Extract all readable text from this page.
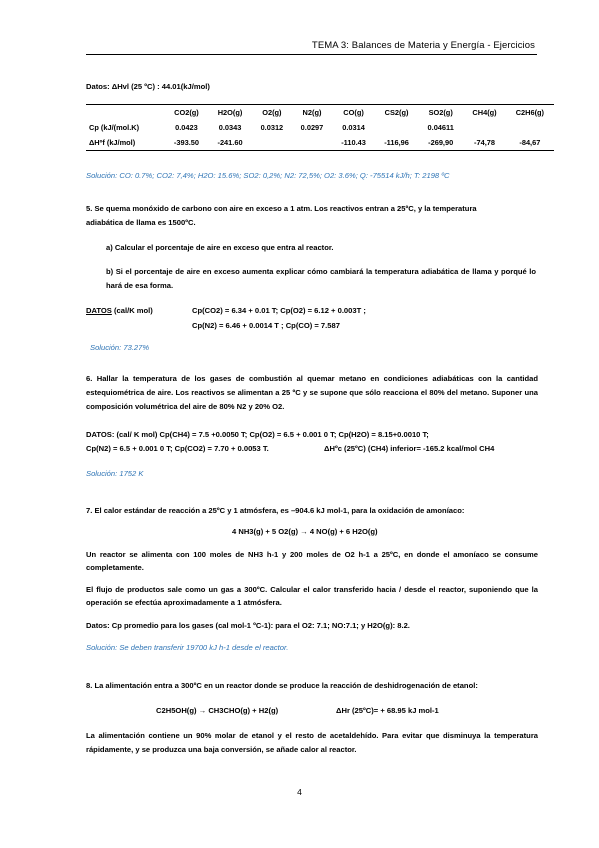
TEMA 3: Balances de Materia y Energía - Ejercicios
Datos: ΔHvl (25 ºC) : 44.01(kJ/mol)
	CO2(g)	H2O(g)	O2(g)	N2(g)	CO(g)	CS2(g)	SO2(g)	CH4(g)	C2H6(g)
Cp (kJ/(mol.K)	0.0423	0.0343	0.0312	0.0297	0.0314		0.04611		
ΔHºf (kJ/mol)	-393.50	-241.60			-110.43	-116,96	-269,90	-74,78	-84,67
Solución: CO: 0.7%; CO2: 7,4%; H2O: 15.6%; SO2: 0,2%; N2: 72,5%; O2: 3.6%; Q: -75514 kJ/h; T: 2198 ºC
5. Se quema monóxido de carbono con aire en exceso a 1 atm. Los reactivos entran a 25ºC, y la temperatura
adiabática de llama es 1500ºC.
a) Calcular el porcentaje de aire en exceso que entra al reactor.
b) Si el porcentaje de aire en exceso aumenta explicar cómo cambiará la temperatura adiabática de llama y porqué lo hará de esa forma.
DATOS (cal/K mol)	Cp(CO2) = 6.34 + 0.01 T; Cp(O2) = 6.12 + 0.003T ;
Cp(N2) = 6.46 + 0.0014 T ; Cp(CO) = 7.587
Solución: 73.27%
6. Hallar la temperatura de los gases de combustión al quemar metano en condiciones adiabáticas con la cantidad estequiométrica de aire. Los reactivos se alimentan a 25 ºC y se supone que sólo reacciona el 80% del metano. Suponer una composición volumétrica del aire de 80% N2 y 20% O2.
DATOS: (cal/ K mol) Cp(CH4) = 7.5 +0.0050 T; Cp(O2) = 6.5 + 0.001 0 T; Cp(H2O) = 8.15+0.0010 T;
Cp(N2) = 6.5 + 0.001 0 T; Cp(CO2) = 7.70 + 0.0053 T.	ΔHºc (25ºC) (CH4) inferior= -165.2 kcal/mol CH4
Solución: 1752 K
7. El calor estándar de reacción a 25ºC y 1 atmósfera, es –904.6 kJ mol-1, para la oxidación de amoníaco:
4 NH3(g) + 5 O2(g) → 4 NO(g) + 6 H2O(g)
Un reactor se alimenta con 100 moles de NH3 h-1 y 200 moles de O2 h-1 a 25ºC, en donde el amoníaco se consume completamente.
El flujo de productos sale como un gas a 300ºC. Calcular el calor transferido hacia / desde el reactor, suponiendo que la operación se efectúa aproximadamente a 1 atmósfera.
Datos: Cp promedio para los gases (cal mol-1 ºC-1): para el O2: 7.1; NO:7.1; y H2O(g): 8.2.
Solución: Se deben transferir 19700 kJ h-1 desde el reactor.
8. La alimentación entra a 300ºC en un reactor donde se produce la reacción de deshidrogenación de etanol:
C2H5OH(g) → CH3CHO(g) + H2(g)	ΔHr (25ºC)= + 68.95 kJ mol-1
La alimentación contiene un 90% molar de etanol y el resto de acetaldehído. Para evitar que disminuya la temperatura rápidamente, y se produzca una baja conversión, se añade calor al reactor.
4
